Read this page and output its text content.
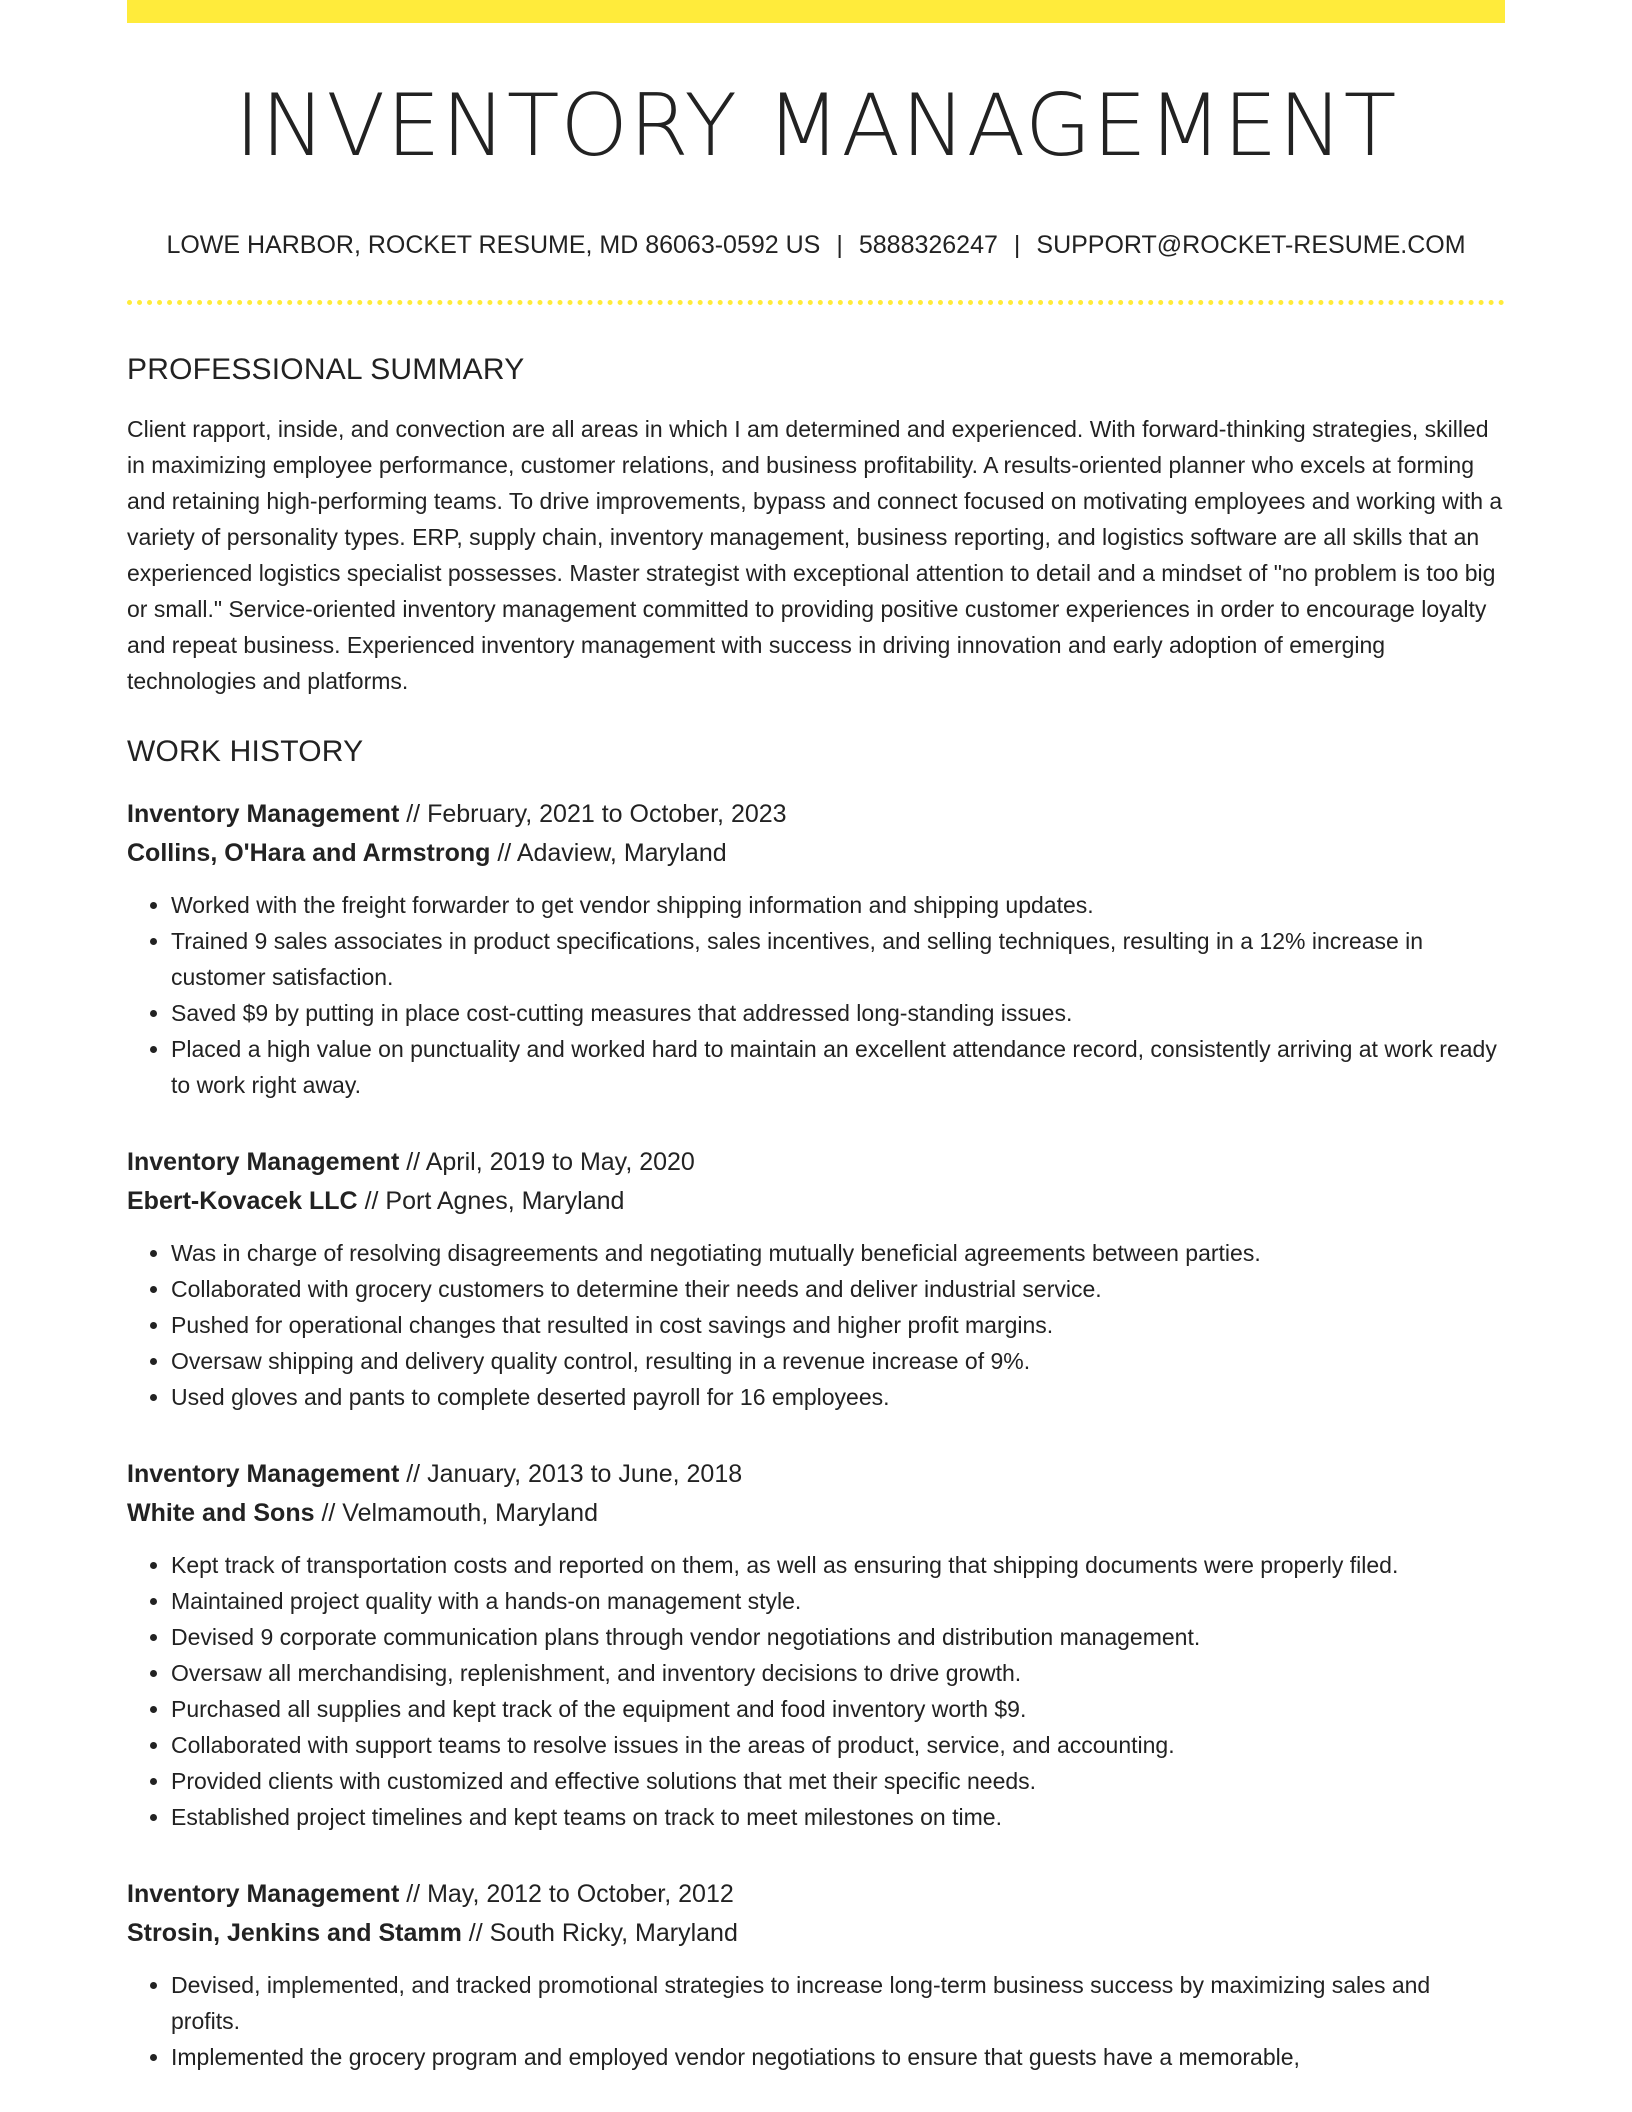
INVENTORY MANAGEMENT
LOWE HARBOR, ROCKET RESUME, MD 86063-0592 US | 5888326247 | SUPPORT@ROCKET-RESUME.COM
PROFESSIONAL SUMMARY

Client rapport, inside, and convection are all areas in which I am determined and experienced. With forward-thinking strategies, skilled in maximizing employee performance, customer relations, and business profitability. A results-oriented planner who excels at forming and retaining high-performing teams. To drive improvements, bypass and connect focused on motivating employees and working with a variety of personality types. ERP, supply chain, inventory management, business reporting, and logistics software are all skills that an experienced logistics specialist possesses. Master strategist with exceptional attention to detail and a mindset of "no problem is too big or small." Service-oriented inventory management committed to providing positive customer experiences in order to encourage loyalty and repeat business. Experienced inventory management with success in driving innovation and early adoption of emerging technologies and platforms.

WORK HISTORY
Inventory Management // February, 2021 to October, 2023
Collins, O'Hara and Armstrong // Adaview, Maryland
• Worked with the freight forwarder to get vendor shipping information and shipping updates.
• Trained 9 sales associates in product specifications, sales incentives, and selling techniques, resulting in a 12% increase in customer satisfaction.
• Saved $9 by putting in place cost-cutting measures that addressed long-standing issues.
• Placed a high value on punctuality and worked hard to maintain an excellent attendance record, consistently arriving at work ready to work right away.
Inventory Management // April, 2019 to May, 2020
Ebert-Kovacek LLC // Port Agnes, Maryland
• Was in charge of resolving disagreements and negotiating mutually beneficial agreements between parties.
• Collaborated with grocery customers to determine their needs and deliver industrial service.
• Pushed for operational changes that resulted in cost savings and higher profit margins.
• Oversaw shipping and delivery quality control, resulting in a revenue increase of 9%.
• Used gloves and pants to complete deserted payroll for 16 employees.
Inventory Management // January, 2013 to June, 2018
White and Sons // Velmamouth, Maryland
• Kept track of transportation costs and reported on them, as well as ensuring that shipping documents were properly filed.
• Maintained project quality with a hands-on management style.
• Devised 9 corporate communication plans through vendor negotiations and distribution management.
• Oversaw all merchandising, replenishment, and inventory decisions to drive growth.
• Purchased all supplies and kept track of the equipment and food inventory worth $9.
• Collaborated with support teams to resolve issues in the areas of product, service, and accounting.
• Provided clients with customized and effective solutions that met their specific needs.
• Established project timelines and kept teams on track to meet milestones on time.
Inventory Management // May, 2012 to October, 2012
Strosin, Jenkins and Stamm // South Ricky, Maryland
• Devised, implemented, and tracked promotional strategies to increase long-term business success by maximizing sales and profits.
• Implemented the grocery program and employed vendor negotiations to ensure that guests have a memorable,
